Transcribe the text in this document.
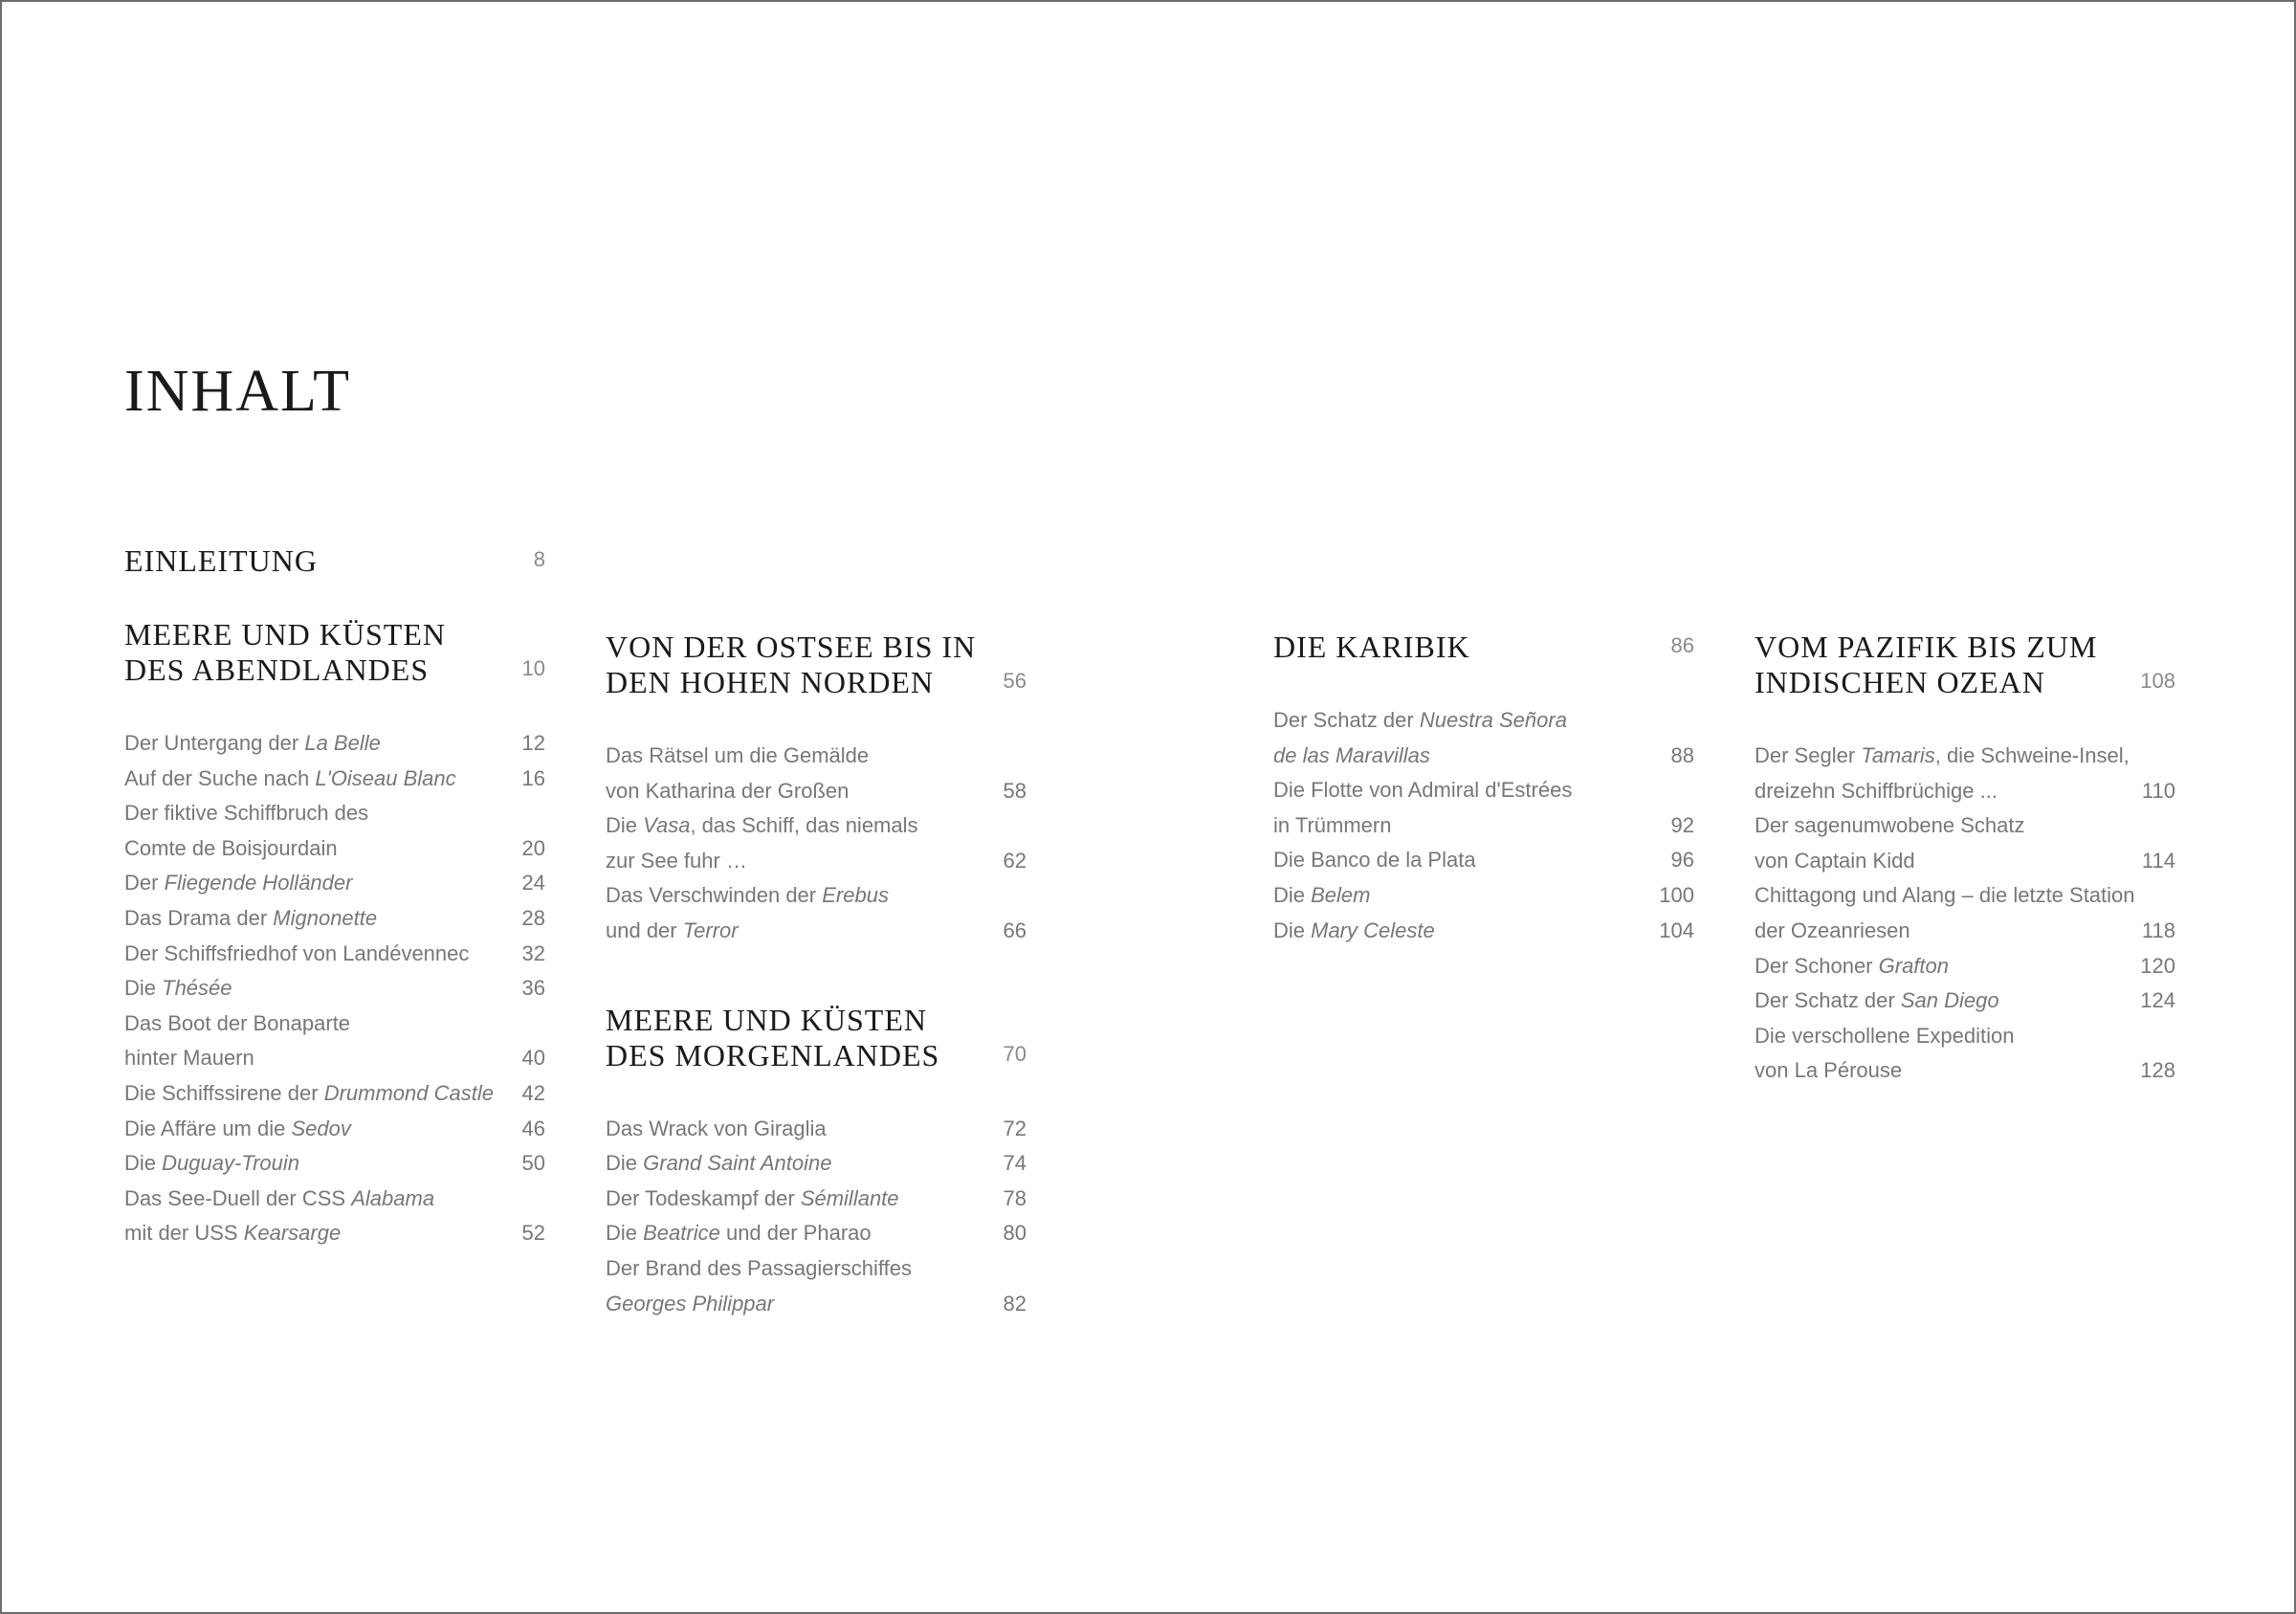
INHALT
EINLEITUNG	8
MEERE UND KÜSTEN
DES ABENDLANDES	10
Der Untergang der La Belle	12
Auf der Suche nach L'Oiseau Blanc	16
Der fiktive Schiffbruch des
Comte de Boisjourdain	20
Der Fliegende Holländer	24
Das Drama der Mignonette	28
Der Schiffsfriedhof von Landévennec	32
Die Thésée	36
Das Boot der Bonaparte
hinter Mauern	40
Die Schiffssirene der Drummond Castle	42
Die Affäre um die Sedov	46
Die Duguay-Trouin	50
Das See-Duell der CSS Alabama
mit der USS Kearsarge	52
VON DER OSTSEE BIS IN
DEN HOHEN NORDEN	56
Das Rätsel um die Gemälde
von Katharina der Großen	58
Die Vasa, das Schiff, das niemals
zur See fuhr …	62
Das Verschwinden der Erebus
und der Terror	66
MEERE UND KÜSTEN
DES MORGENLANDES	70
Das Wrack von Giraglia	72
Die Grand Saint Antoine	74
Der Todeskampf der Sémillante	78
Die Beatrice und der Pharao	80
Der Brand des Passagierschiffes
Georges Philippar	82
DIE KARIBIK	86
Der Schatz der Nuestra Señora
de las Maravillas	88
Die Flotte von Admiral d'Estrées
in Trümmern	92
Die Banco de la Plata	96
Die Belem	100
Die Mary Celeste	104
VOM PAZIFIK BIS ZUM
INDISCHEN OZEAN	108
Der Segler Tamaris, die Schweine-Insel,
dreizehn Schiffbrüchige ...	110
Der sagenumwobene Schatz
von Captain Kidd	114
Chittagong und Alang – die letzte Station
der Ozeanriesen	118
Der Schoner Grafton	120
Der Schatz der San Diego	124
Die verschollene Expedition
von La Pérouse	128
